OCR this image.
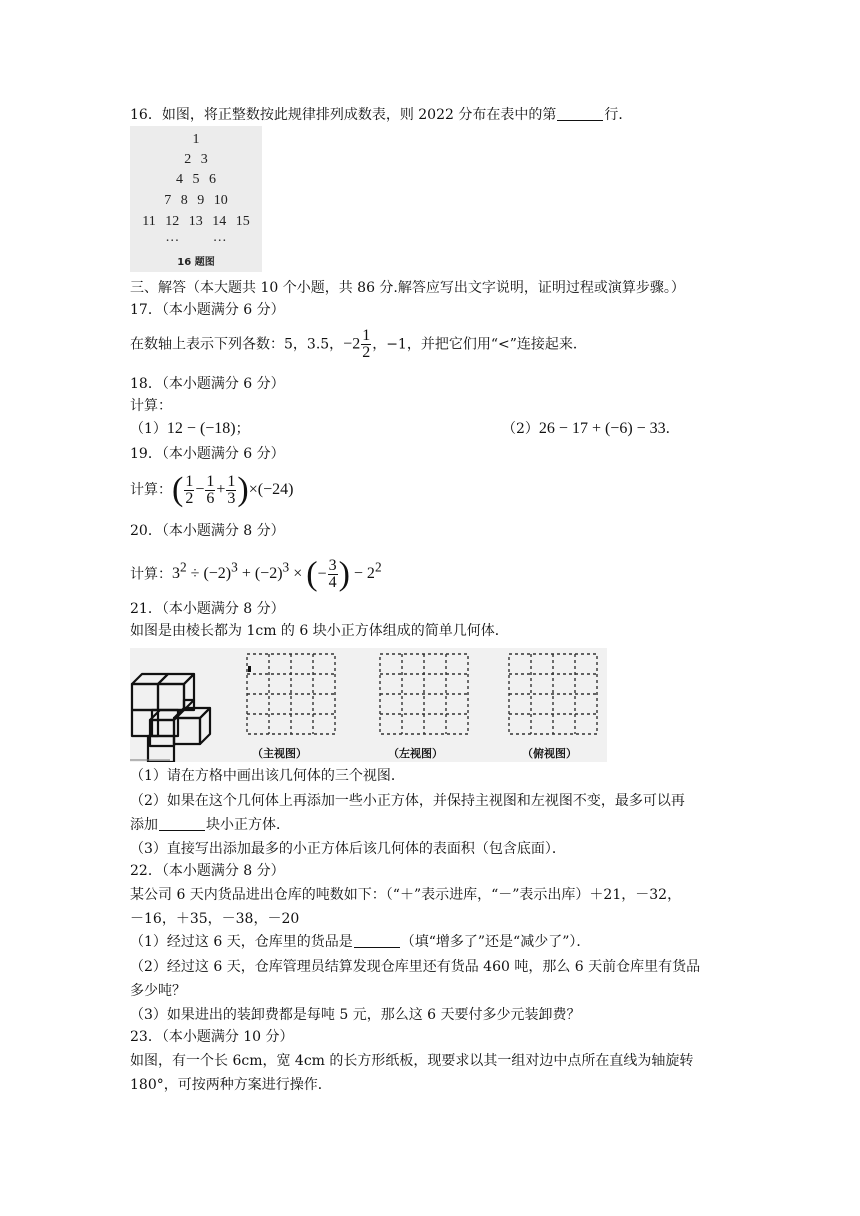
16．如图，将正整数按此规律排列成数表，则 2022 分布在表中的第	行．
1
2 3
4 5 6
7 8 9 10
11 12 13 14 15
··· ···
16 题图
三、解答（本大题共 10 个小题，共 86 分.解答应写出文字说明，证明过程或演算步骤。）
17．（本小题满分 6 分）
在数轴上表示下列各数：5，3.5，$-2 \frac{1}{2}$ ，−1，并把它们用“<”连接起来．
18．（本小题满分 6 分）
计算：
（1）12 − (−18)；	（2）26 − 17 + (−6) − 33．
19．（本小题满分 6 分）
计算：( $\frac{1}{2} - \frac{1}{6} + \frac{1}{3} )\times(-24)$
20．（本小题满分 8 分）
计算：$3^2 \div (-2)^3 + (-2)^3$ × (− $\frac{3}{4}$ ) − $2^2$
21．（本小题满分 8 分）
如图是由棱长都为 1cm 的 6 块小正方体组成的简单几何体．
（主视图）	（左视图）	（俯视图）
（1）请在方格中画出该几何体的三个视图．
（2）如果在这个几何体上再添加一些小正方体，并保持主视图和左视图不变，最多可以再
添加	块小正方体．
（3）直接写出添加最多的小正方体后该几何体的表面积（包含底面）．
22．（本小题满分 8 分）
某公司 6 天内货品进出仓库的吨数如下：（“＋”表示进库，“－”表示出库）＋21，－32，
－16，＋35，－38，－20
（1）经过这 6 天，仓库里的货品是	（填“增多了”还是“减少了”）．
（2）经过这 6 天，仓库管理员结算发现仓库里还有货品 460 吨，那么 6 天前仓库里有货品
多少吨？
（3）如果进出的装卸费都是每吨 5 元，那么这 6 天要付多少元装卸费？
23．（本小题满分 10 分）
如图，有一个长 6cm，宽 4cm 的长方形纸板，现要求以其一组对边中点所在直线为轴旋转
180°，可按两种方案进行操作．
